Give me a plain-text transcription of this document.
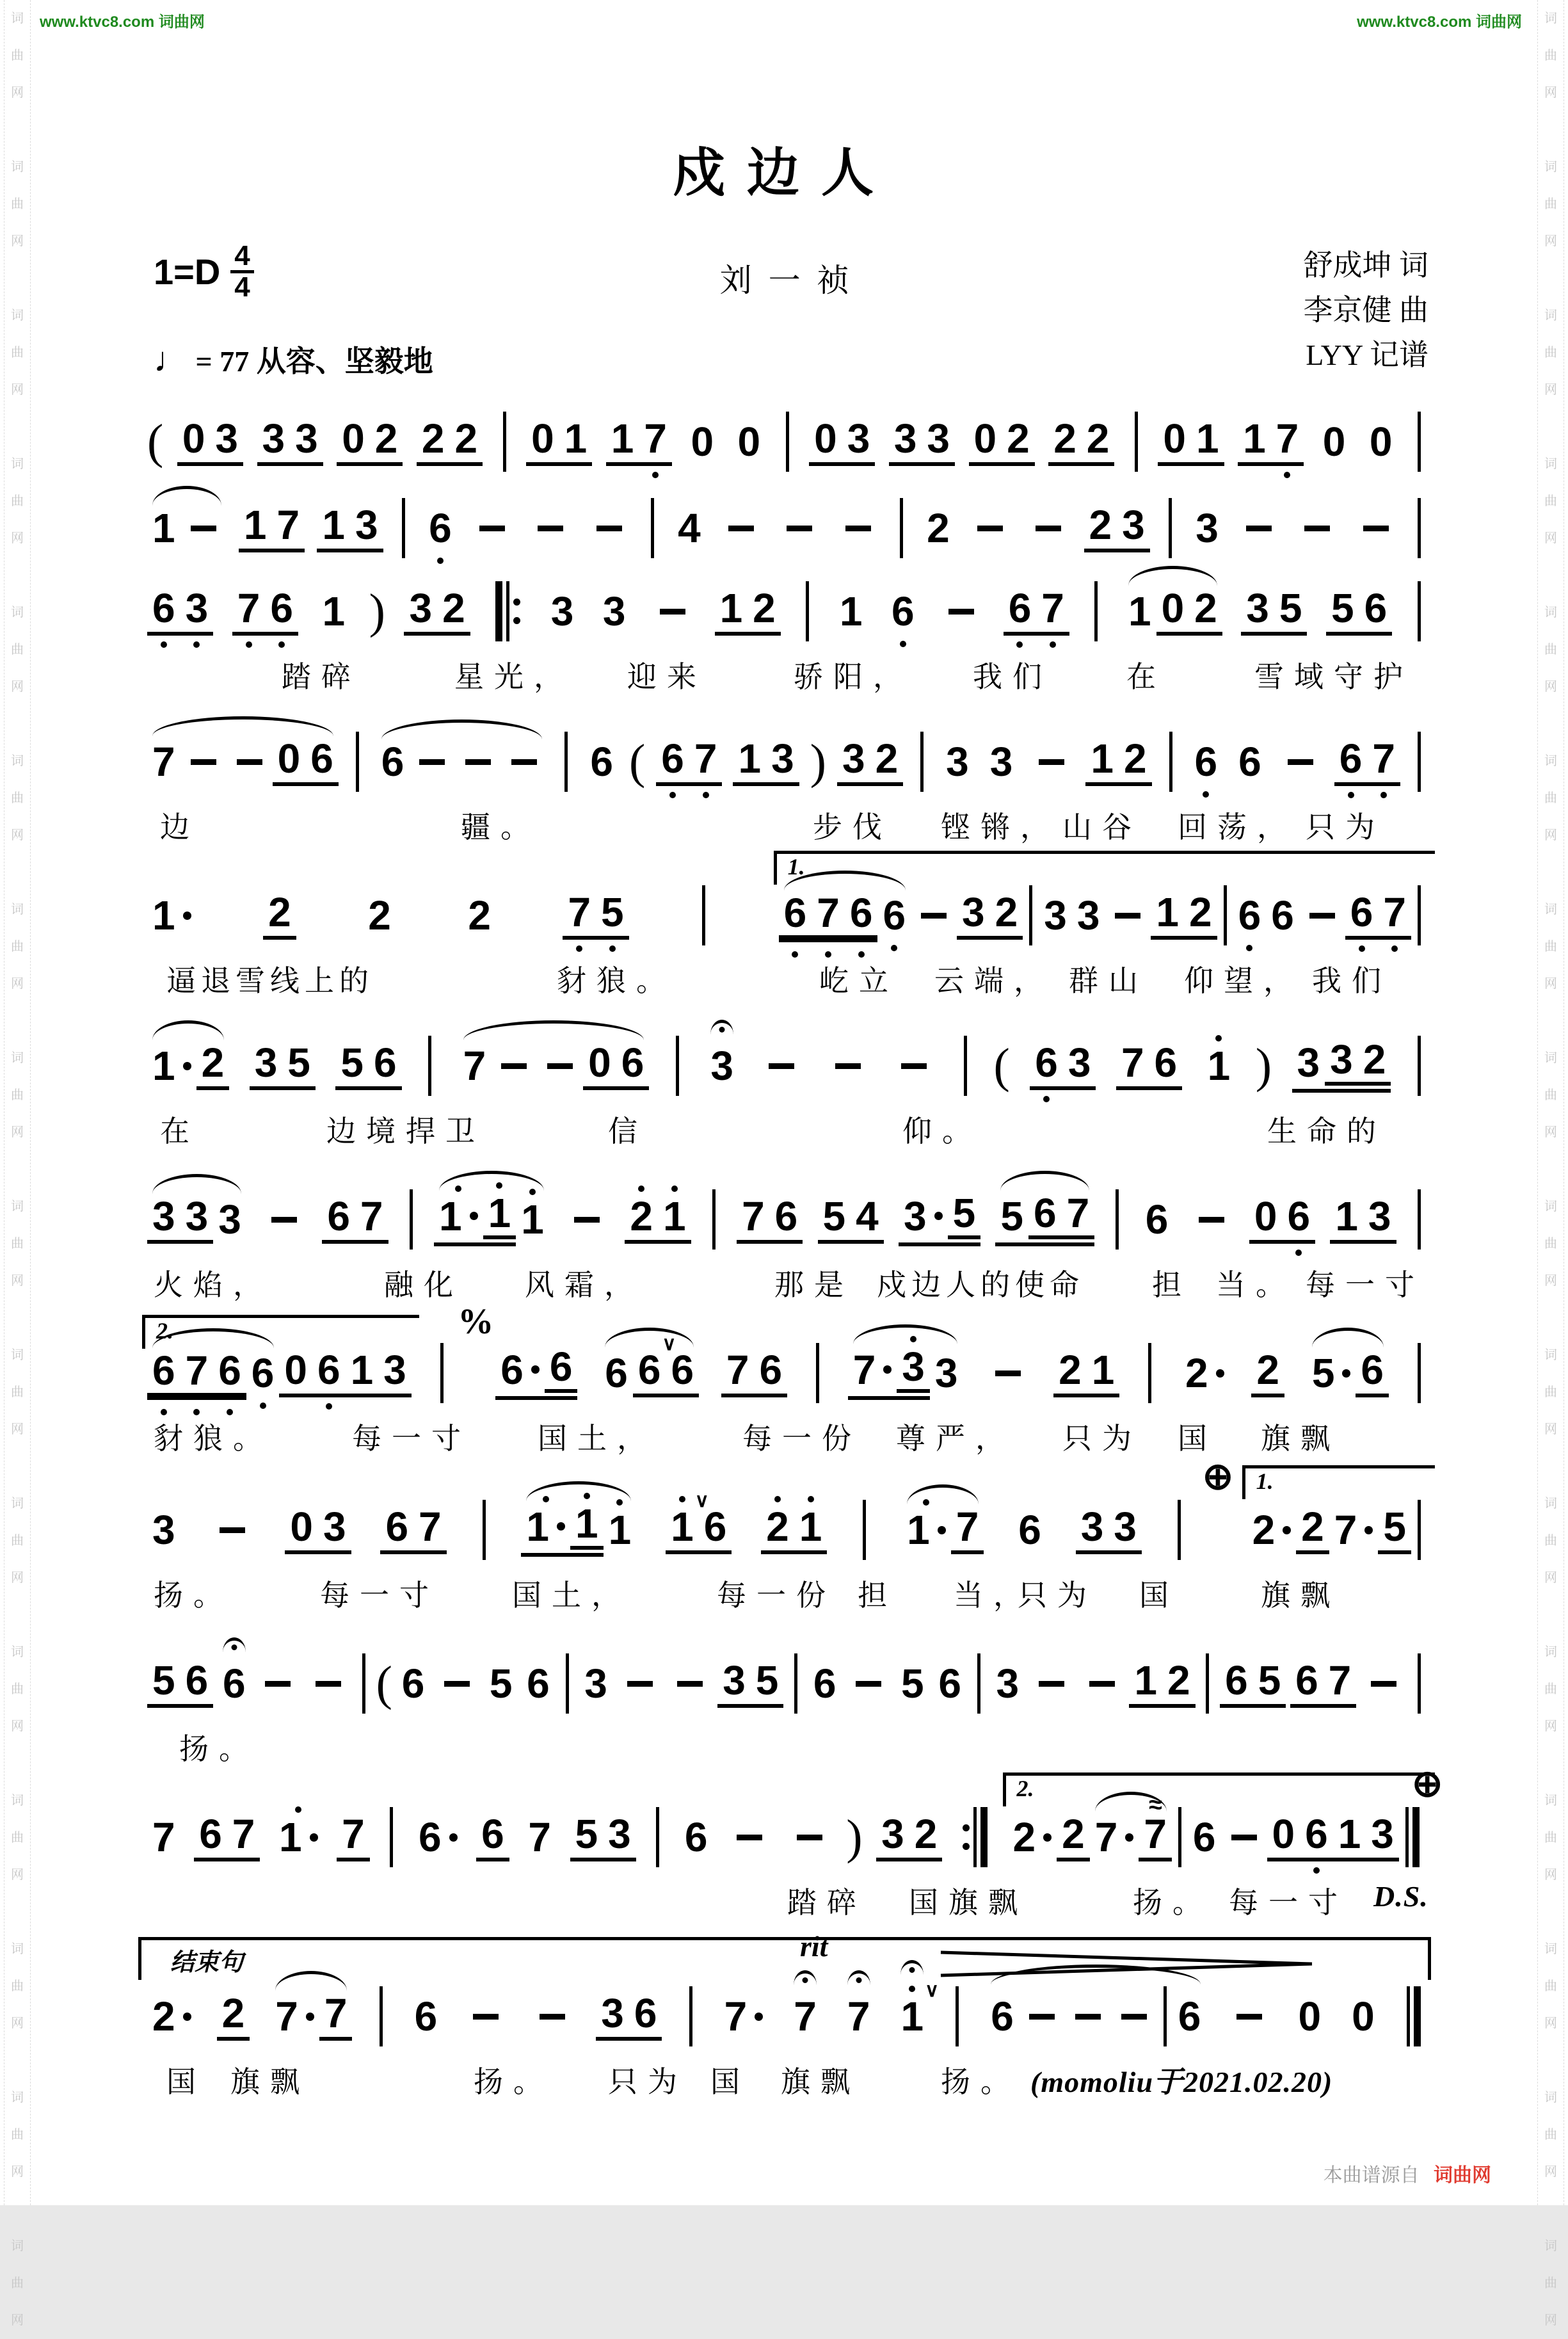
词
曲
网

词
曲
网

词
曲
网

词
曲
网

词
曲
网

词
曲
网

词
曲
网

词
曲
网

词
曲
网

词
曲
网

词
曲
网

词
曲
网

词
曲
网

词
曲
网

词
曲
网

词
曲
网

词
曲
网

词
曲
网

词
曲
网

词
曲
网

词
曲
网

词
曲
网

词
曲
网

词
曲
网

词
曲
网

词
曲
网

词
曲
网

词
曲
网

词
曲
网

词
曲
网

词
曲
网

词
曲
网

www.ktvc8.com 词曲网	www.ktvc8.com 词曲网
戍边人
刘一祯
$1=D \frac{4}{4}$
♩ = 77 从容、坚毅地
舒成坤 词
李京健 曲
LYY 记谱
( 0 3 3 3 0 2 2 2 0 1 1 7 0 0 0 3 3 3 0 2 2 2 0 1 1 7 0 0
1 1 7 1 3 6	4	2	2 3 3
6 3 7 6 1 ) 3 2 3 3 1 2 1 6 6 7 1 0 2 3 5 5 6
踏碎	星光， 迎来	骄阳， 我们	在	雪域守护
7	0 6 6	6 ( 6 7 1 3 ) 3 2 3 3 1 2 6 6 6 7
边	疆。	步伐 铿锵， 山谷 回荡， 只为
1 2 2 2 7 5
1.
6 7 6 6 3 2 3 3 1 2 6 6 6 7
逼退雪线上的	豺狼。	屹立 云端， 群山 仰望， 我们
1 2 3 5 5 6 7	0 6 3	( 6 3 7 6 1 ) 3 3 2
在	边境捍卫	信	仰。	生命的
3 3 3 6 7 1 1 1 2 1 7 6 5 4 3 5 5 6 7 6 0 6 1 3
火焰，	融化 风霜，	那是 戍边人的使命 担 当。 每一寸
2.
6 7 6 6 0 6 1 3
%
6 6 6 6
∨
6 7 6 7 3 3 2 1 2 2 5 6
豺狼。	每一寸 国土，	每一份 尊严， 只为 国 旗飘
3	0 3 6 7 1 1 1 1
∨
6 2 1 1 7 6 3 3
⊕ 1.
2 2 7 5
扬。	每一寸 国土，	每一份 担 当，
只为 国	旗飘
5 6 6	( 6 5 6 3	3 5 6 5 6 3	1 2 6 5 6 7
扬。
7 6 7 1 7 6 6 7 5 3 6	) 3 2
2.
2 2 7 7
≈
6 0 6 1 3
⊕
踏碎 国旗飘	扬。 每一寸 D.S.
结束句	rit
2 2 7 7 6	3 6 7 7 7 1
∨
6	6 0 0
国 旗飘	扬。 只为 国 旗飘	扬。 (momoliu于2021.02.20)
本曲谱源自 词曲网
